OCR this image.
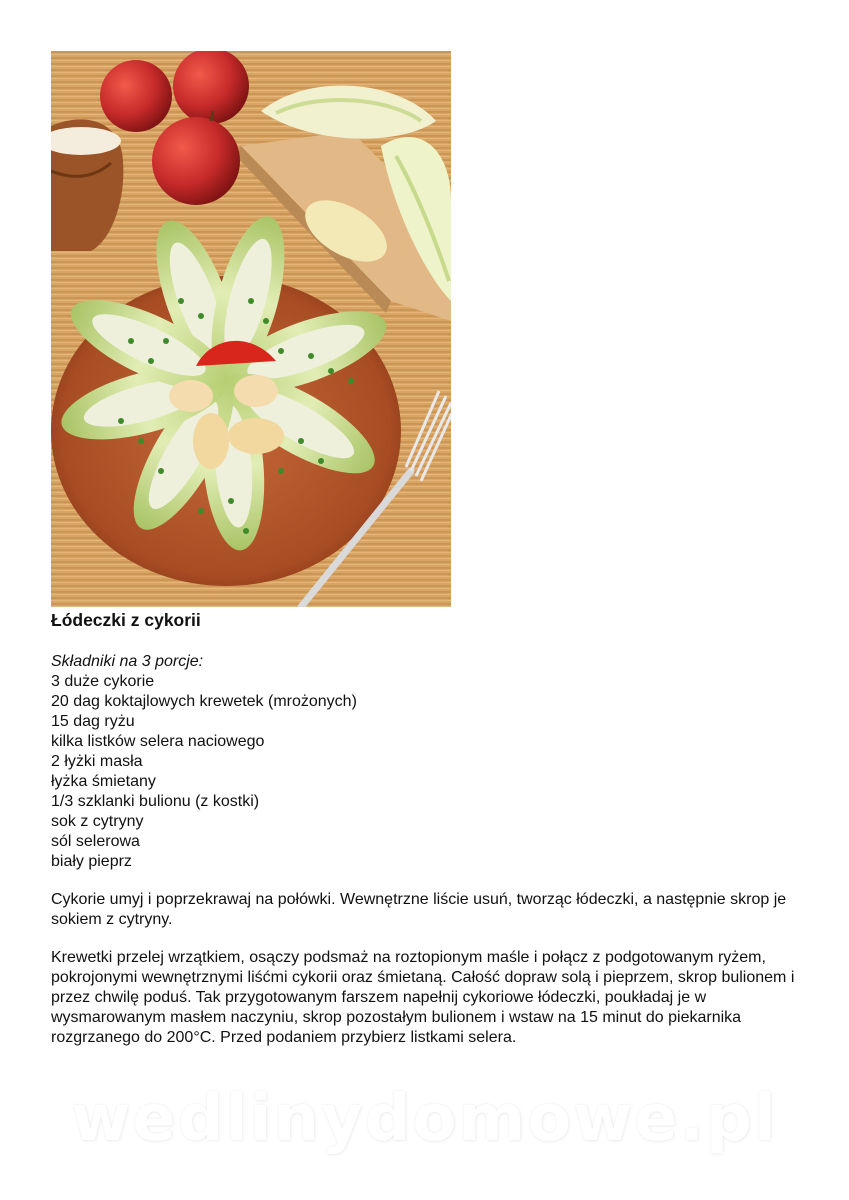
Łódeczki z cykorii
Składniki na 3 porcje:
3 duże cykorie
20 dag koktajlowych krewetek (mrożonych)
15 dag ryżu
kilka listków selera naciowego
2 łyżki masła
łyżka śmietany
1/3 szklanki bulionu (z kostki)
sok z cytryny
sól selerowa
biały pieprz

Cykorie umyj i poprzekrawaj na połówki. Wewnętrzne liście usuń, tworząc łódeczki, a następnie skrop je sokiem z cytryny.

Krewetki przelej wrzątkiem, osączy podsmaż na roztopionym maśle i połącz z podgotowanym ryżem, pokrojonymi wewnętrznymi liśćmi cykorii oraz śmietaną. Całość dopraw solą i pieprzem, skrop bulionem i przez chwilę poduś. Tak przygotowanym farszem napełnij cykoriowe łódeczki, poukładaj je w wysmarowanym masłem naczyniu, skrop pozostałym bulionem i wstaw na 15 minut do piekarnika rozgrzanego do 200°C. Przed podaniem przybierz listkami selera.

wedlinydomowe.pl
